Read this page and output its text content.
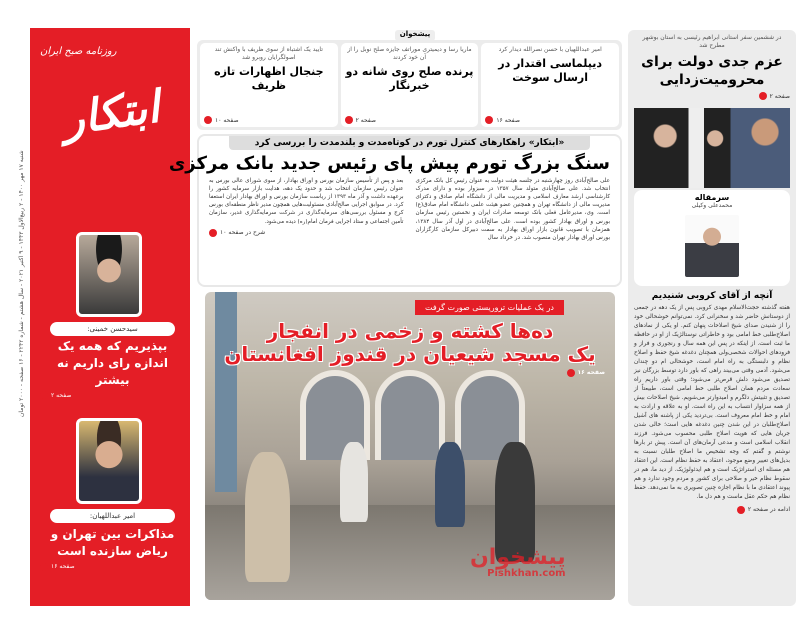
شنبه ۱۷ مهر ۱۴۰۰ - ۲ ربیع‌الاول ۱۴۴۳ - ۹ اکتبر ۲۰۲۱ - سال هشتم - شماره ۲۲۴۲ - ۱۶ صفحه - ۲۰۰۰ تومان
روزنامه صبح ایران
ابتکار
سیدحسن خمینی:
بپذیریم که همه یک اندازه رای داریم نه بیشتر
صفحه ۲
امیر عبداللهیان:
مذاکرات بین تهران و ریاض سازنده است
صفحه ۱۶
پیشخوان
امیر عبداللهیان با حسن نصرالله دیدار کرد
دیپلماسی اقتدار در ارسال سوخت
صفحه ۱۶
ماریا رسا و دیمیتری موراتف جایزه صلح نوبل را از آن خود کردند
پرنده صلح روی شانه دو خبرنگار
صفحه ۲
تایید یک اشتباه از سوی ظریف با واکنش تند اصولگرایان روبرو شد
جنجال اظهارات تازه ظریف
صفحه ۱۰
«ابتکار» راهکارهای کنترل تورم در کوتاه‌مدت و بلندمدت را بررسی کرد
سنگ بزرگ تورم پیش پای رئیس جدید بانک مرکزی

علی صالح‌آبادی روز چهارشنبه در جلسه هیئت دولت به عنوان رئیس کل بانک مرکزی انتخاب شد. علی صالح‌آبادی متولد سال ۱۳۵۷ در سبزوار بوده و دارای مدرک کارشناسی ارشد معارف اسلامی و مدیریت مالی از دانشگاه امام صادق و دکترای مدیریت مالی از دانشگاه تهران و همچنین عضو هیئت علمی دانشگاه امام صادق(ع) است. وی، مدیرعامل فعلی بانک توسعه صادرات ایران و نخستین رئیس سازمان بورس و اوراق بهادار کشور بوده است. علی صالح‌آبادی در اول آذر سال ۱۳۸۴، همزمان با تصویب قانون بازار اوراق بهادار به سمت دبیرکل سازمان کارگزاران بورس اوراق بهادار تهران منصوب شد. در خرداد سال

بعد و پس از تأسیس سازمان بورس و اوراق بهادار، از سوی شورای عالی بورس به عنوان رئیس سازمان انتخاب شد و حدود یک دهه، هدایت بازار سرمایه کشور را برعهده داشت و آذر ماه ۱۳۹۳ از ریاست سازمان بورس و اوراق بهادار ایران استعفا کرد. در سوابق اجرایی صالح‌آبادی مسئولیت‌هایی همچون مدیر ناظر منطقه‌ای بورس کرج و مسئول بررسی‌های سرمایه‌گذاری در شرکت سرمایه‌گذاری غدیر، سازمان تأمین اجتماعی و ستاد اجرایی فرمان امام(ره) دیده می‌شود.

شرح در صفحه ۱۰
در یک عملیات تروریستی صورت گرفت
ده‌ها کشته و زخمی در انفجار
یک مسجد شیعیان در قندوز افغانستان
صفحه ۱۶
در ششمین سفر استانی ابراهیم رئیسی به استان بوشهر مطرح شد
عزم جدی دولت برای محرومیت‌زدایی
صفحه ۲
سرمقاله
محمدعلی وکیلی
آنچه از آقای کروبی شنیدیم
هفته گذشته حجت‌الاسلام مهدی کروبی پس از یک دهه در جمعی از دوستانش حاضر شد و سخنرانی کرد. نمی‌توانم خوشحالی خود را از شنیدن صدای شیخ اصلاحات پنهان کنم. او یکی از نمادهای اصلاح‌طلبی خط امامی بود و خاطراتی نوستالژیک از او در حافظه ما ثبت است. از اینکه در پس این همه سال و رنجوری و فراز و فرودهای احوالات شخصی‌ولی همچنان دغدغه شیخ حفظ و اصلاح نظام و دلبستگی به راه امام است، خوشحالی ام دو چندان می‌شود. آدمی وقتی می‌بیند راهی که باور دارد توسط بزرگان نیز تصدیق می‌شود دلش قرص‌تر می‌شود؛ وقتی باور داریم راه سعادت مردم همان اصلاح طلبی خط امامی است، طبیعتاً از تصدیق و تثبیتش دلگرم و امیدوارتر می‌شویم. شیخ اصلاحات بیش از همه سزاوار انتساب به این راه است. او به علاقه و ارادت به امام و خط امام معروف است. بی‌تردید یکی از پاشنه های آشیل اصلاح‌طلبان در این شدن چنین دغدغه هایی است؛ خالی شدن جریان هایی که هویت اصلاح طلبی محسوب می‌شود. فرزند انقلاب اسلامی است و مدعی آرمان‌های آن است. پیش تر بارها نوشتم و گفتم که وجه تشخیص ما اصلاح طلبان نسبت به بدیل‌های تغییر وضع موجود، اعتقاد به حفظ نظام است. این اعتقاد هم مسئله ای استراتژیک است و هم ایدئولوژیک. از دید ما، هم در سقوط نظام خیر و صلاحی برای کشور و مردم وجود ندارد و هم پیوند اعتقادی ما با نظام اجازه چنین تصویری به ما نمی‌دهد. حفظ نظام هم حکم عقل ماست و هم دل ما.
ادامه در صفحه ۲
پیشخوان
Pishkhan.com
